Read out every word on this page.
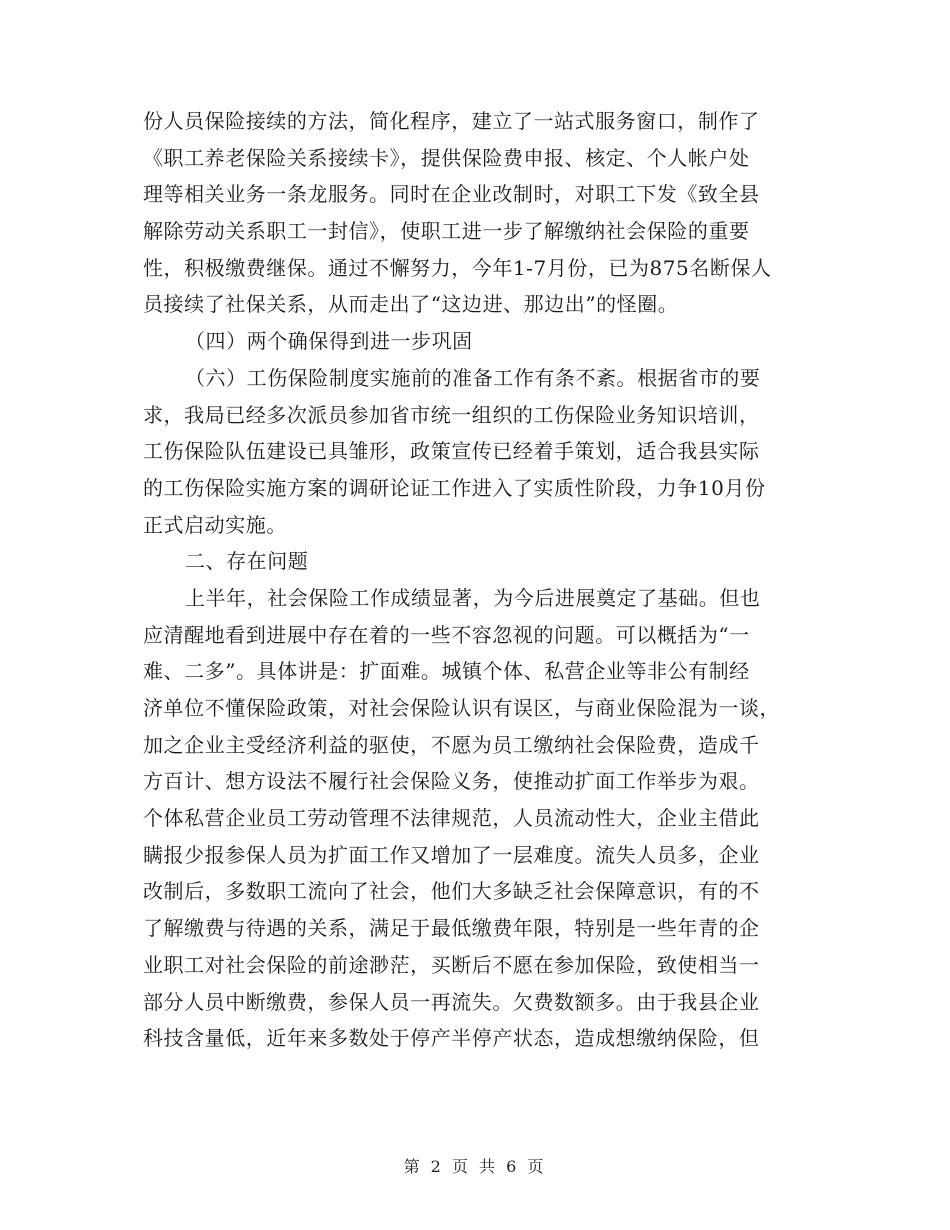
份人员保险接续的方法，简化程序，建立了一站式服务窗口，制作了
《职工养老保险关系接续卡》，提供保险费申报、核定、个人帐户处
理等相关业务一条龙服务。同时在企业改制时，对职工下发《致全县
解除劳动关系职工一封信》，使职工进一步了解缴纳社会保险的重要
性，积极缴费继保。通过不懈努力，今年1-7月份，已为875名断保人
员接续了社保关系，从而走出了“这边进、那边出”的怪圈。
（四）两个确保得到进一步巩固
（六）工伤保险制度实施前的准备工作有条不紊。根据省市的要
求，我局已经多次派员参加省市统一组织的工伤保险业务知识培训，
工伤保险队伍建设已具雏形，政策宣传已经着手策划，适合我县实际
的工伤保险实施方案的调研论证工作进入了实质性阶段，力争10月份
正式启动实施。
二、存在问题
上半年，社会保险工作成绩显著，为今后进展奠定了基础。但也
应清醒地看到进展中存在着的一些不容忽视的问题。可以概括为“一
难、二多”。具体讲是：扩面难。城镇个体、私营企业等非公有制经
济单位不懂保险政策，对社会保险认识有误区，与商业保险混为一谈，
加之企业主受经济利益的驱使，不愿为员工缴纳社会保险费，造成千
方百计、想方设法不履行社会保险义务，使推动扩面工作举步为艰。
个体私营企业员工劳动管理不法律规范，人员流动性大，企业主借此
瞒报少报参保人员为扩面工作又增加了一层难度。流失人员多，企业
改制后，多数职工流向了社会，他们大多缺乏社会保障意识，有的不
了解缴费与待遇的关系，满足于最低缴费年限，特别是一些年青的企
业职工对社会保险的前途渺茫，买断后不愿在参加保险，致使相当一
部分人员中断缴费，参保人员一再流失。欠费数额多。由于我县企业
科技含量低，近年来多数处于停产半停产状态，造成想缴纳保险，但
第 2 页 共 6 页
